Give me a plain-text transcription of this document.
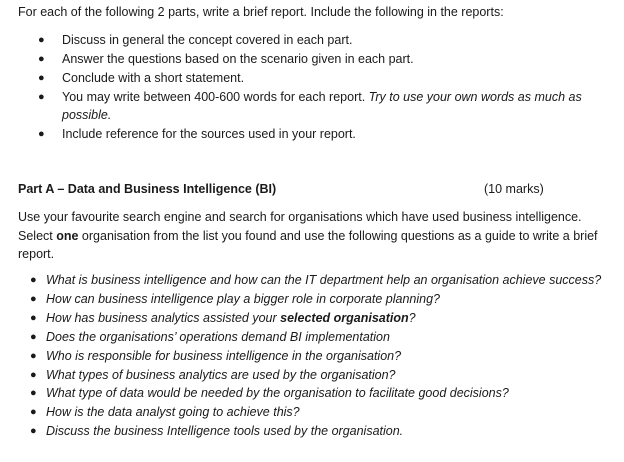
For each of the following 2 parts, write a brief report. Include the following in the reports:
● Discuss in general the concept covered in each part.
● Answer the questions based on the scenario given in each part.
● Conclude with a short statement.
● You may write between 400-600 words for each report. Try to use your own words as much as possible.
● Include reference for the sources used in your report.
Part A – Data and Business Intelligence (BI)	(10 marks)
Use your favourite search engine and search for organisations which have used business intelligence. Select one organisation from the list you found and use the following questions as a guide to write a brief report.
● What is business intelligence and how can the IT department help an organisation achieve success?
● How can business intelligence play a bigger role in corporate planning?
● How has business analytics assisted your selected organisation?
● Does the organisations’ operations demand BI implementation
● Who is responsible for business intelligence in the organisation?
● What types of business analytics are used by the organisation?
● What type of data would be needed by the organisation to facilitate good decisions?
● How is the data analyst going to achieve this?
● Discuss the business Intelligence tools used by the organisation.
